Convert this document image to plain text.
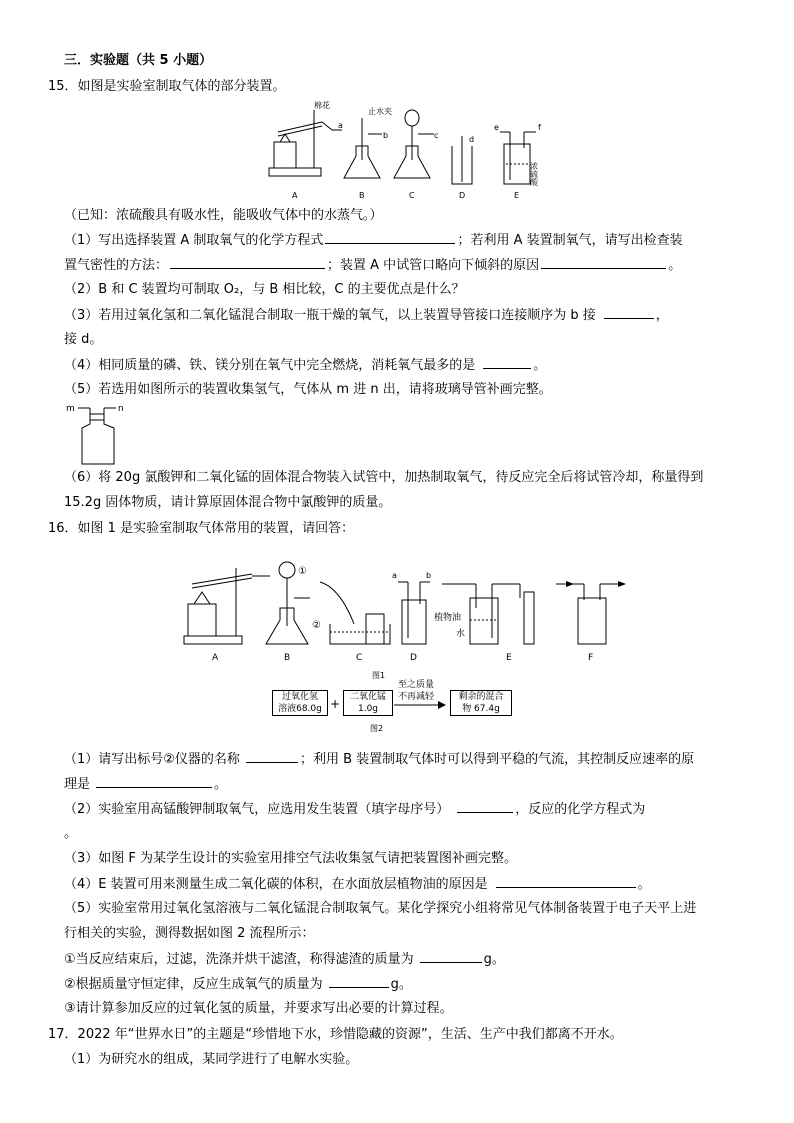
三．实验题（共 5 小题）
15．如图是实验室制取气体的部分装置。
棉花
a
止水夹
b	c	d
e	f
浓硫酸
A	B	C	D	E
（已知：浓硫酸具有吸水性，能吸收气体中的水蒸气。）
（1）写出选择装置 A 制取氧气的化学方程式	；若利用 A 装置制氧气，请写出检查装
置气密性的方法：	；装置 A 中试管口略向下倾斜的原因	。
（2）B 和 C 装置均可制取 O₂，与 B 相比较，C 的主要优点是什么？
（3）若用过氧化氢和二氧化锰混合制取一瓶干燥的氧气，以上装置导管接口连接顺序为 b 接	，
接 d。
（4）相同质量的磷、铁、镁分别在氧气中完全燃烧，消耗氧气最多的是	。
（5）若选用如图所示的装置收集氢气，气体从 m 进 n 出，请将玻璃导管补画完整。
m	n
（6）将 20g 氯酸钾和二氧化锰的固体混合物装入试管中，加热制取氧气，待反应完全后将试管冷却，称量得到
15.2g 固体物质，请计算原固体混合物中氯酸钾的质量。
16．如图 1 是实验室制取气体常用的装置，请回答：
①
②
a	b
植物油
水
A	B	C	D	E	F
图1
过氧化氢
溶液68.0g +	二氧化锰
1.0g
至之质量
不再减轻	剩余的混合
物 67.4g
图2
（1）请写出标号②仪器的名称	；利用 B 装置制取气体时可以得到平稳的气流，其控制反应速率的原
理是	。
（2）实验室用高锰酸钾制取氧气，应选用发生装置（填字母序号）	，反应的化学方程式为
。
（3）如图 F 为某学生设计的实验室用排空气法收集氢气请把装置图补画完整。
（4）E 装置可用来测量生成二氧化碳的体积，在水面放层植物油的原因是	。
（5）实验室常用过氧化氢溶液与二氧化锰混合制取氧气。某化学探究小组将常见气体制备装置于电子天平上进
行相关的实验，测得数据如图 2 流程所示：
①当反应结束后，过滤，洗涤并烘干滤渣，称得滤渣的质量为	g。
②根据质量守恒定律，反应生成氧气的质量为	g。
③请计算参加反应的过氧化氢的质量，并要求写出必要的计算过程。
17．2022 年“世界水日”的主题是“珍惜地下水，珍惜隐藏的资源”，生活、生产中我们都离不开水。
（1）为研究水的组成，某同学进行了电解水实验。
